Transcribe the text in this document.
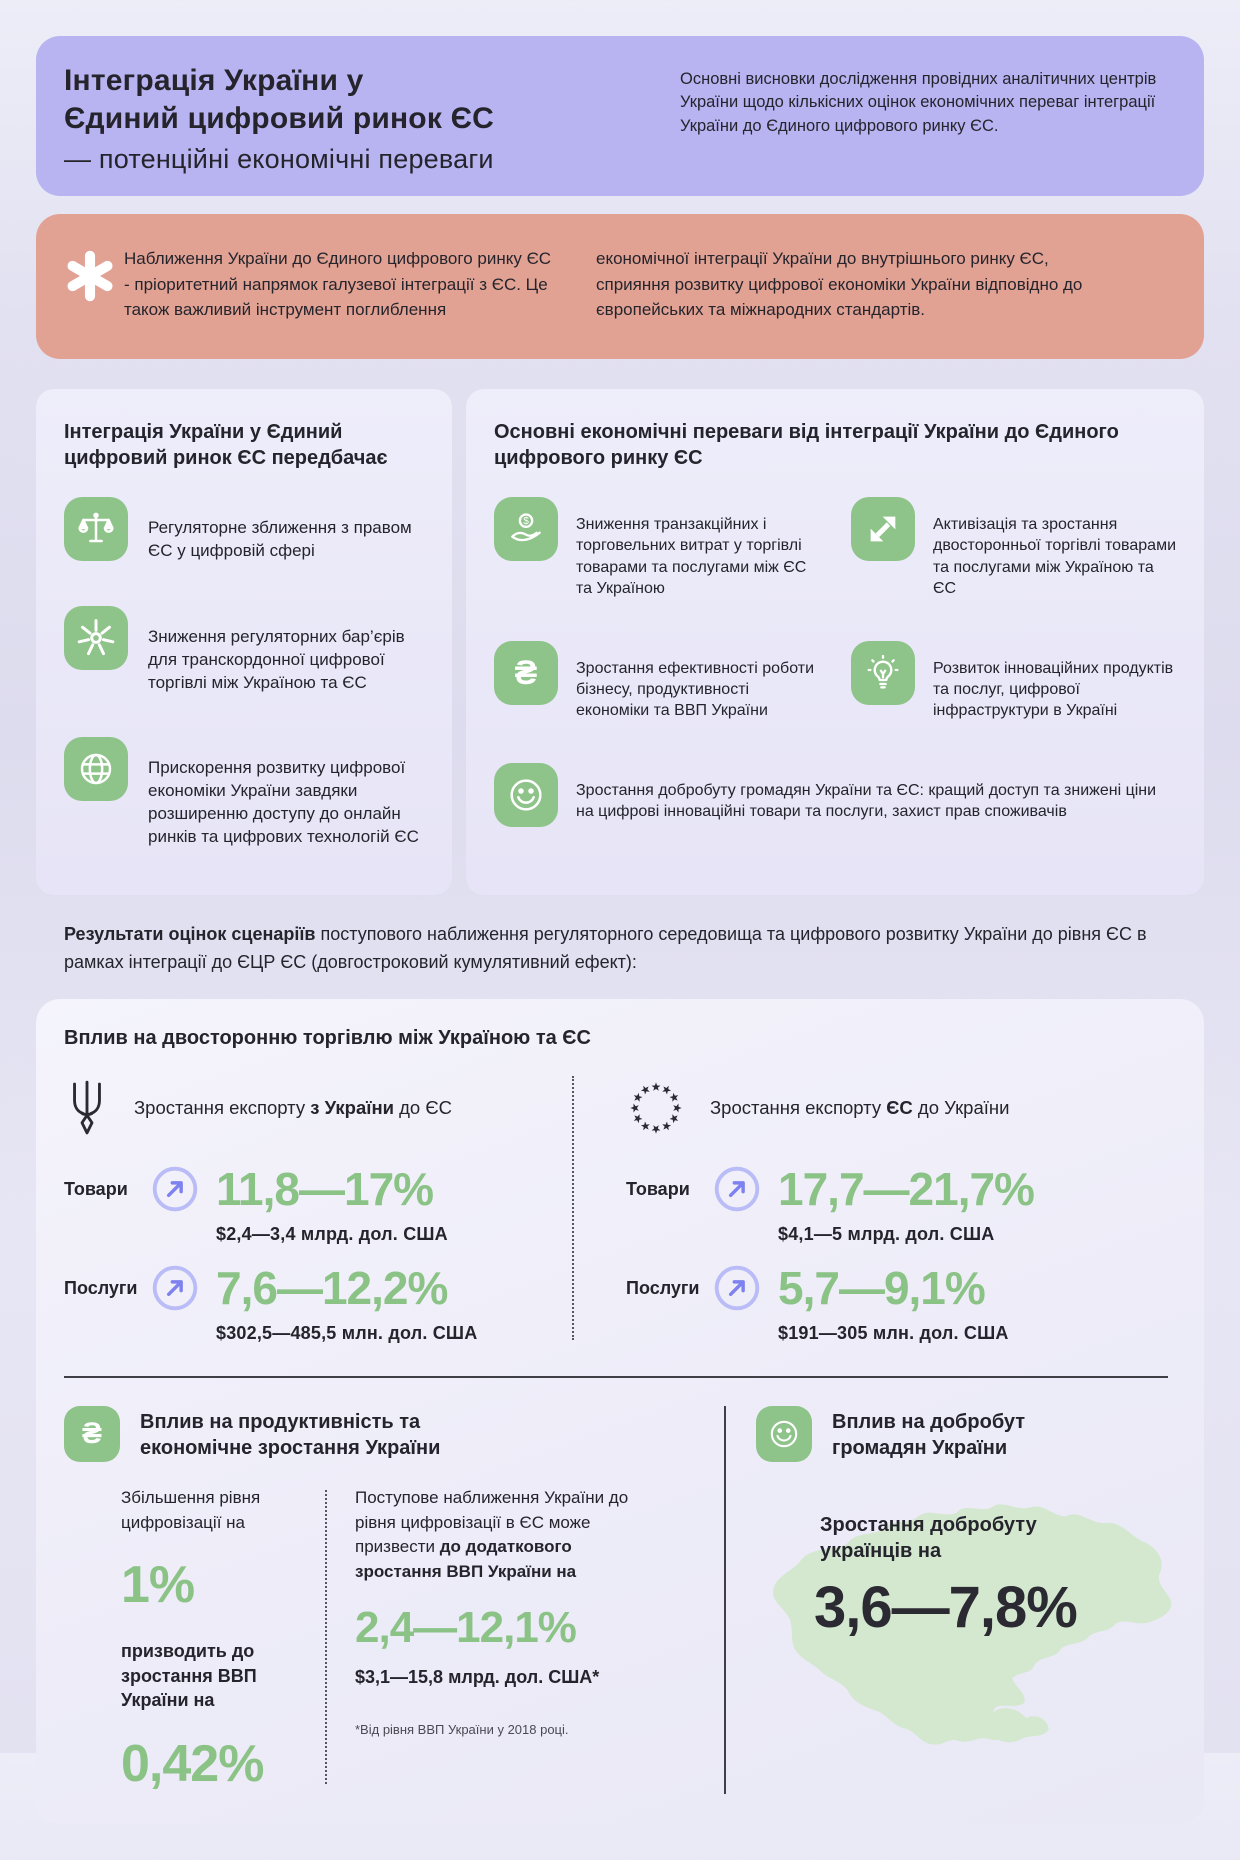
Інтеграція України у
Єдиний цифровий ринок ЄС
— потенційні економічні переваги

Основні висновки дослідження провідних аналітичних центрів України щодо кількісних оцінок економічних переваг інтеграції України до Єдиного цифрового ринку ЄС.

Наближення України до Єдиного цифрового ринку ЄС - пріоритетний напрямок галузевої інтеграції з ЄС. Це також важливий інструмент поглиблення

економічної інтеграції України до внутрішнього ринку ЄС, сприяння розвитку цифрової економіки України відповідно до європейських та міжнародних стандартів.

Інтеграція України у Єдиний цифровий ринок ЄС передбачає

Регуляторне зближення з правом ЄС у цифровій сфері

Зниження регуляторних бар’єрів для транскордонної цифрової торгівлі між Україною та ЄС

Прискорення розвитку цифрової економіки України завдяки розширенню доступу до онлайн ринків та цифрових технологій ЄС

Основні економічні переваги від інтеграції України до Єдиного цифрового ринку ЄС
$	Зниження транзакційних і торговельних витрат у торгівлі товарами та послугами між ЄС та Україною

Активізація та зростання двосторонньої торгівлі товарами та послугами між Україною та ЄС

₴ Зростання ефективності роботи бізнесу, продуктивності економіки та ВВП України

Розвиток інноваційних продуктів та послуг, цифрової інфраструктури в Україні

Зростання добробуту громадян України та ЄС: кращий доступ та знижені ціни на цифрові інноваційні товари та послуги, захист прав споживачів

Результати оцінок сценаріїв поступового наближення регуляторного середовища та цифрового розвитку України до рівня ЄС в рамках інтеграції до ЄЦР ЄС (довгостроковий кумулятивний ефект):

Вплив на двосторонню торгівлю між Україною та ЄС
Зростання експорту з України до ЄС
Товари	11,8—17%
$2,4—3,4 млрд. дол. США
Послуги	7,6—12,2%
$302,5—485,5 млн. дол. США
Зростання експорту ЄС до України
Товари	17,7—21,7%
$4,1—5 млрд. дол. США
Послуги	5,7—9,1%
$191—305 млн. дол. США
₴ Вплив на продуктивність та економічне зростання України

Збільшення рівня цифровізації на

1%
призводить до зростання ВВП України на
0,42%

Поступове наближення України до рівня цифровізації в ЄС може призвести до додаткового зростання ВВП України на

2,4—12,1%
$3,1—15,8 млрд. дол. США*
*Від рівня ВВП України у 2018 році.
Вплив на добробут громадян України
Зростання добробуту українців на
3,6—7,8%
